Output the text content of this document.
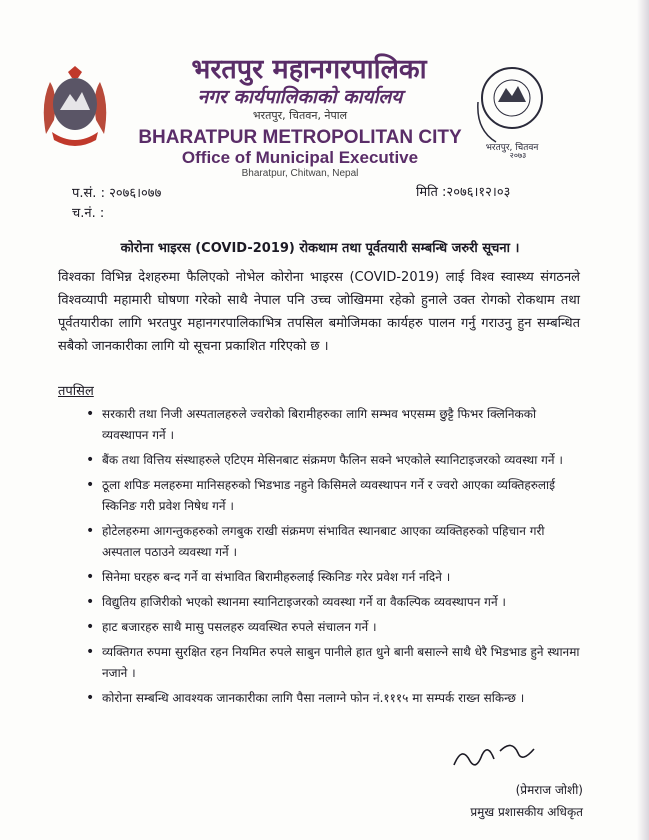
भरतपुर महानगरपालिका
नगर कार्यपालिकाको कार्यालय
भरतपुर, चितवन, नेपाल
BHARATPUR METROPOLITAN CITY
Office of Municipal Executive
Bharatpur, Chitwan, Nepal
भरतपुर, चितवन
२०७३
प.सं. : २०७६।०७७
च.नं. :
मिति :२०७६।१२।०३
कोरोना भाइरस (COVID-2019) रोकथाम तथा पूर्वतयारी सम्बन्धि जरुरी सूचना ।
विश्वका विभिन्न देशहरुमा फैलिएको नोभेल कोरोना भाइरस (COVID-2019) लाई विश्व स्वास्थ्य संगठनले विश्वव्यापी महामारी घोषणा गरेको साथै नेपाल पनि उच्च जोखिममा रहेको हुनाले उक्त रोगको रोकथाम तथा पूर्वतयारीका लागि भरतपुर महानगरपालिकाभित्र तपसिल बमोजिमका कार्यहरु पालन गर्नु गराउनु हुन सम्बन्धित सबैको जानकारीका लागि यो सूचना प्रकाशित गरिएको छ ।
तपसिल
• सरकारी तथा निजी अस्पतालहरुले ज्वरोको बिरामीहरुका लागि सम्भव भएसम्म छुट्टै फिभर क्लिनिकको व्यवस्थापन गर्ने ।
• बैंक तथा वित्तिय संस्थाहरुले एटिएम मेसिनबाट संक्रमण फैलिन सक्ने भएकोले स्यानिटाइजरको व्यवस्था गर्ने ।
• ठूला शपिङ मलहरुमा मानिसहरुको भिडभाड नहुने किसिमले व्यवस्थापन गर्ने र ज्वरो आएका व्यक्तिहरुलाई स्किनिङ गरी प्रवेश निषेध गर्ने ।
• होटेलहरुमा आगन्तुकहरुको लगबुक राखी संक्रमण संभावित स्थानबाट आएका व्यक्तिहरुको पहिचान गरी अस्पताल पठाउने व्यवस्था गर्ने ।
• सिनेमा घरहरु बन्द गर्ने वा संभावित बिरामीहरुलाई स्किनिङ गरेर प्रवेश गर्न नदिने ।
• विद्युतिय हाजिरीको भएको स्थानमा स्यानिटाइजरको व्यवस्था गर्ने वा वैकल्पिक व्यवस्थापन गर्ने ।
• हाट बजारहरु साथै मासु पसलहरु व्यवस्थित रुपले संचालन गर्ने ।
• व्यक्तिगत रुपमा सुरक्षित रहन नियमित रुपले साबुन पानीले हात धुने बानी बसाल्ने साथै धेरै भिडभाड हुने स्थानमा नजाने ।
• कोरोना सम्बन्धि आवश्यक जानकारीका लागि पैसा नलाग्ने फोन नं.१११५ मा सम्पर्क राख्न सकिन्छ ।
(प्रेमराज जोशी)
प्रमुख प्रशासकीय अधिकृत
